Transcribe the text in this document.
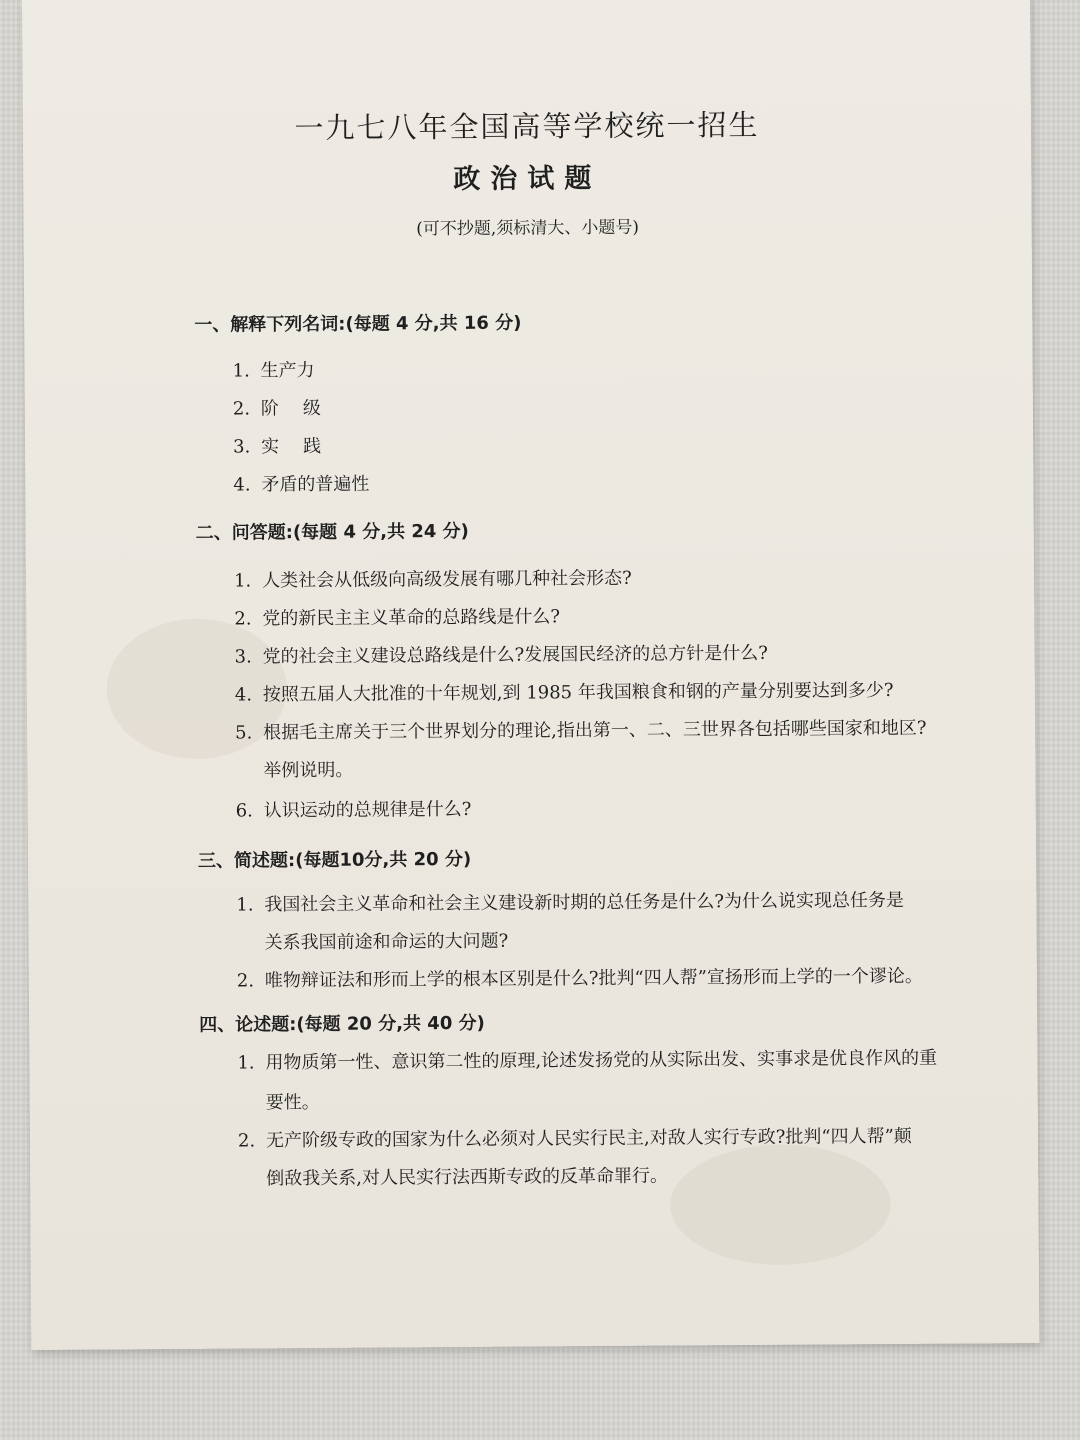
一九七八年全国高等学校统一招生
政治试题
(可不抄题,须标清大、小题号)
一、解释下列名词:(每题 4 分,共 16 分)
1. 生产力
2. 阶级
3. 实践
4. 矛盾的普遍性
二、问答题:(每题 4 分,共 24 分)
1. 人类社会从低级向高级发展有哪几种社会形态?
2. 党的新民主主义革命的总路线是什么?
3. 党的社会主义建设总路线是什么?发展国民经济的总方针是什么?
4. 按照五届人大批准的十年规划,到 1985 年我国粮食和钢的产量分别要达到多少?
5. 根据毛主席关于三个世界划分的理论,指出第一、二、三世界各包括哪些国家和地区?
举例说明。
6. 认识运动的总规律是什么?
三、简述题:(每题10分,共 20 分)
1. 我国社会主义革命和社会主义建设新时期的总任务是什么?为什么说实现总任务是
关系我国前途和命运的大问题?
2. 唯物辩证法和形而上学的根本区别是什么?批判“四人帮”宣扬形而上学的一个谬论。
四、论述题:(每题 20 分,共 40 分)
1. 用物质第一性、意识第二性的原理,论述发扬党的从实际出发、实事求是优良作风的重
要性。
2. 无产阶级专政的国家为什么必须对人民实行民主,对敌人实行专政?批判“四人帮”颠
倒敌我关系,对人民实行法西斯专政的反革命罪行。
